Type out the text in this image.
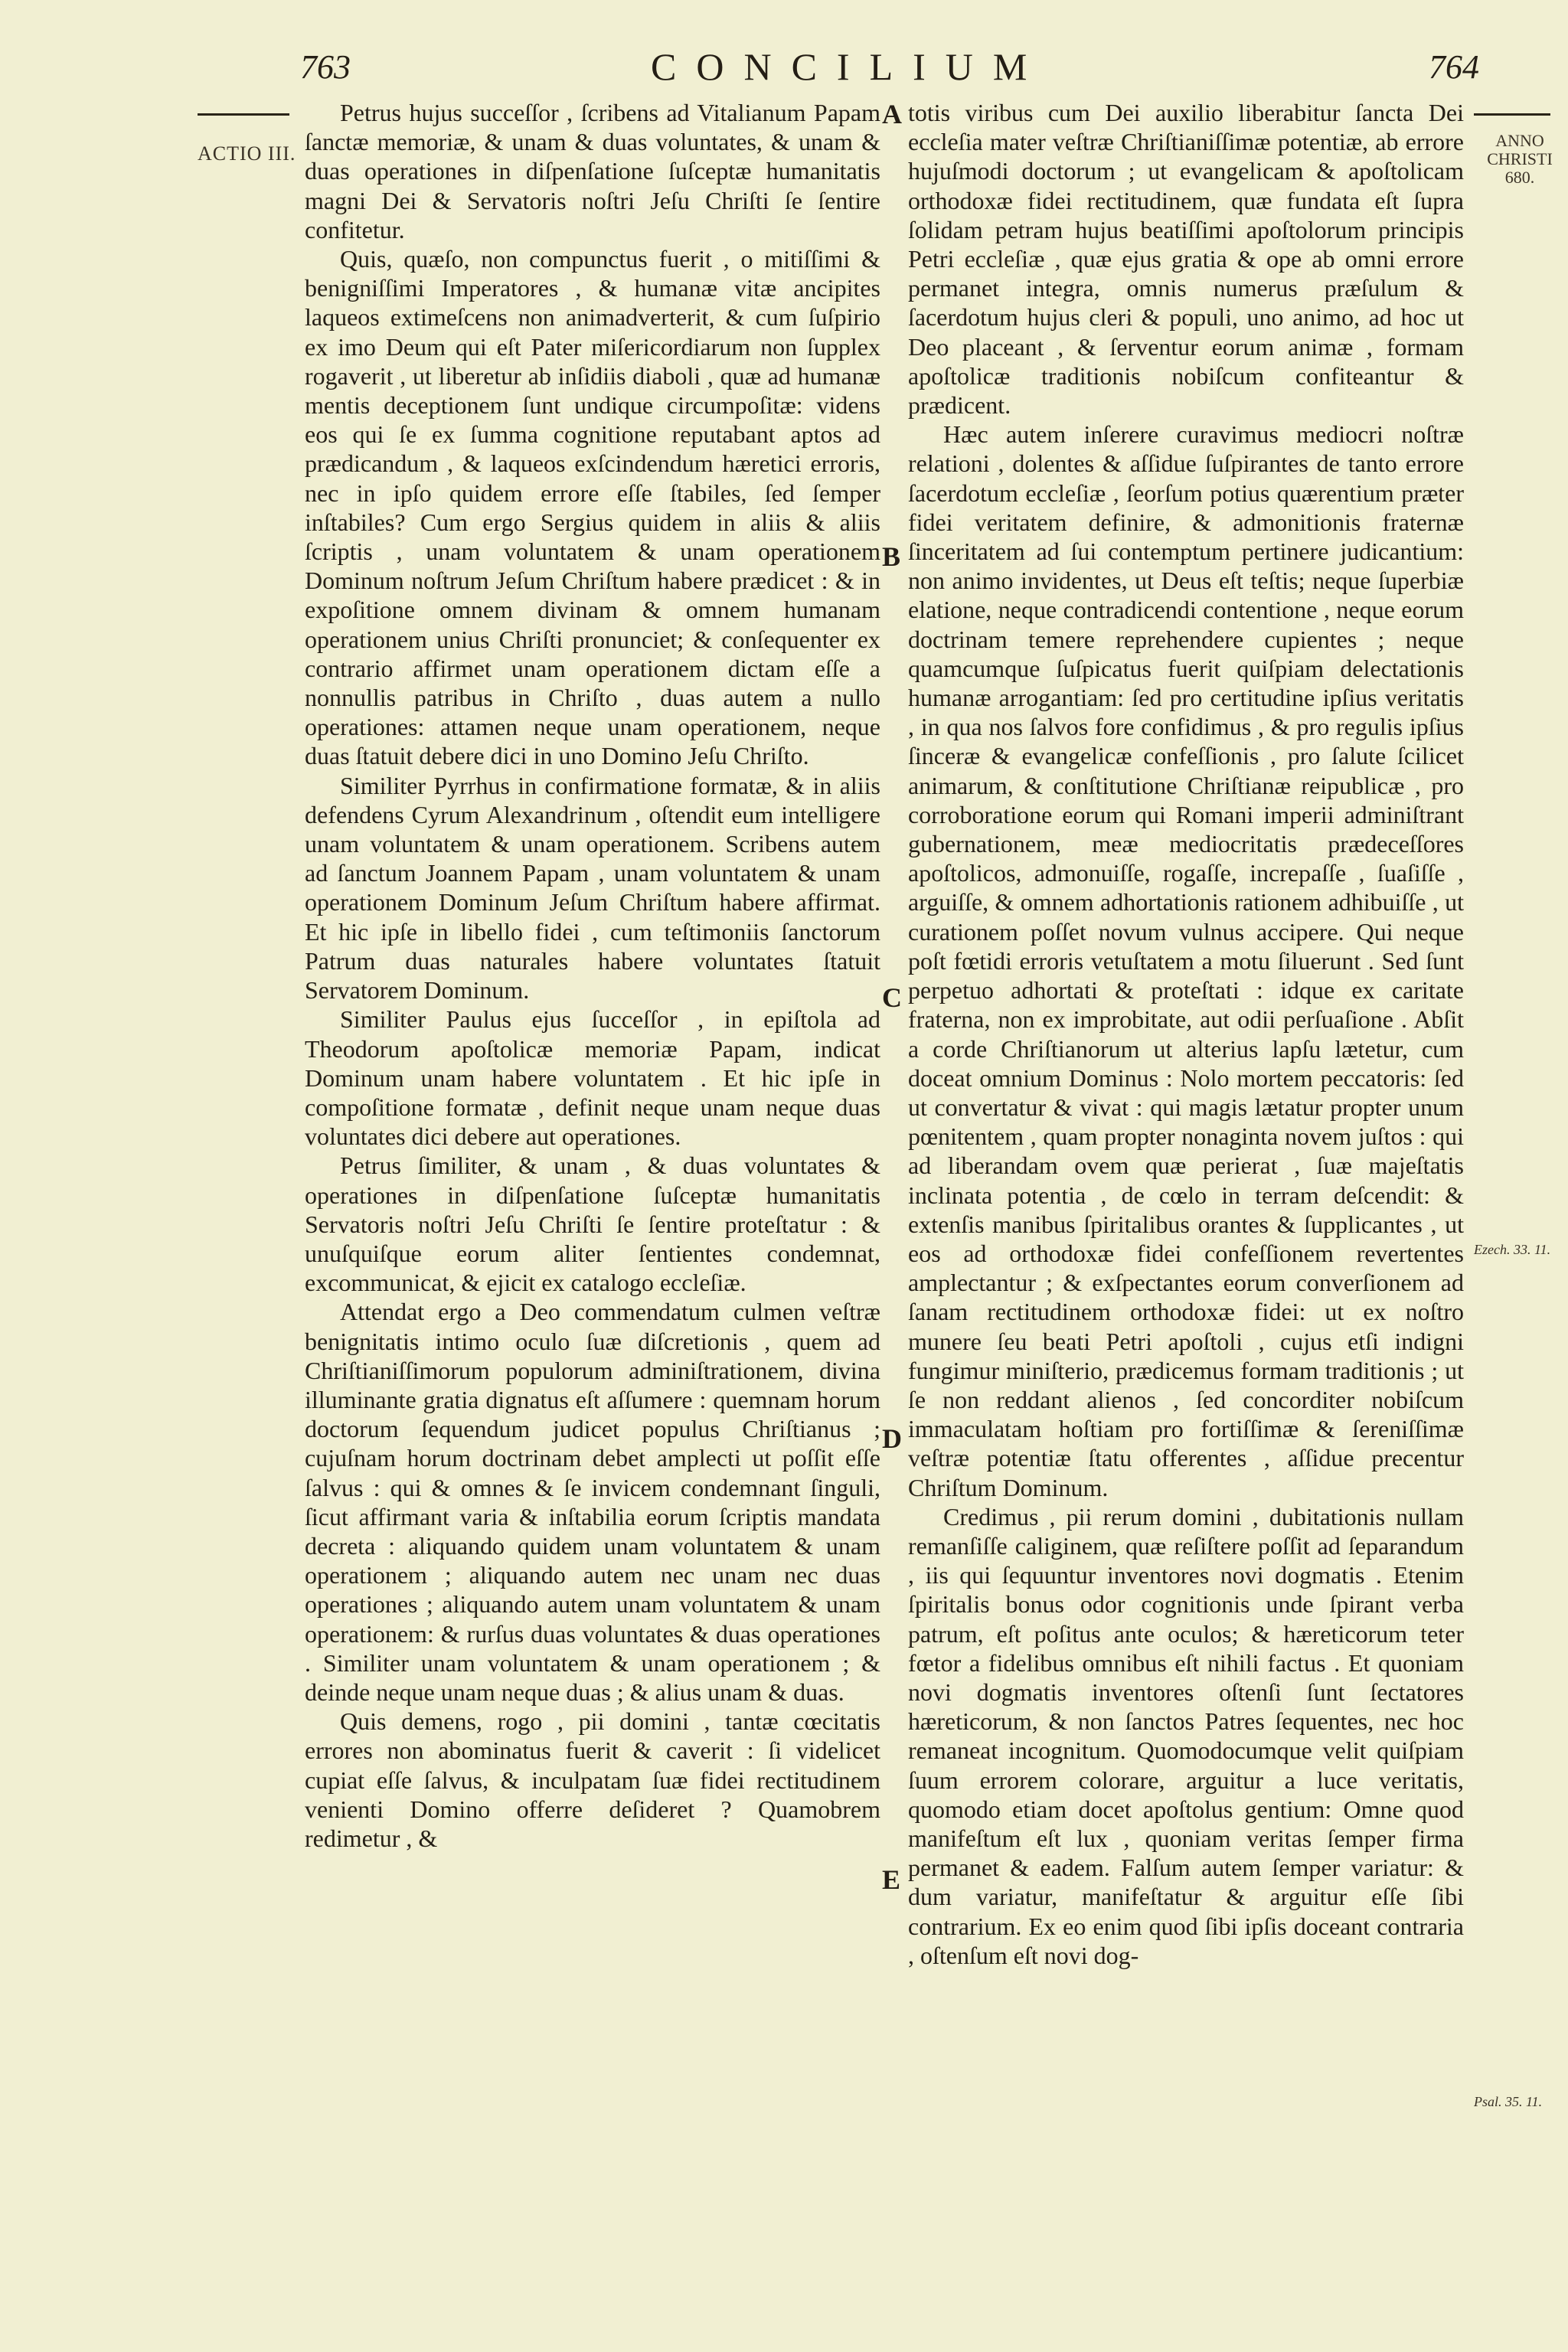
763	CONCILIUM	764
ACTIO III.
ANNO
CHRISTI
680.
Ezech. 33. 11.
Psal. 35. 11.
A
B
C
D
E

Petrus hujus succeſſor , ſcribens ad Vitalianum Papam ſanctæ memoriæ, & unam & duas voluntates, & unam & duas operationes in diſpenſatione ſuſceptæ humanitatis magni Dei & Servatoris noſtri Jeſu Chriſti ſe ſentire confitetur.

Quis, quæſo, non compunctus fuerit , o mitiſſimi & benigniſſimi Imperatores , & humanæ vitæ ancipites laqueos extimeſcens non animadverterit, & cum ſuſpirio ex imo Deum qui eſt Pater miſericordiarum non ſupplex rogaverit , ut liberetur ab inſidiis diaboli , quæ ad humanæ mentis deceptionem ſunt undique circumpoſitæ: videns eos qui ſe ex ſumma cognitione reputabant aptos ad prædicandum , & laqueos exſcindendum hæretici erroris, nec in ipſo quidem errore eſſe ſtabiles, ſed ſemper inſtabiles? Cum ergo Sergius quidem in aliis & aliis ſcriptis , unam voluntatem & unam operationem Dominum noſtrum Jeſum Chriſtum habere prædicet : & in expoſitione omnem divinam & omnem humanam operationem unius Chriſti pronunciet; & conſequenter ex contrario affirmet unam operationem dictam eſſe a nonnullis patribus in Chriſto , duas autem a nullo operationes: attamen neque unam operationem, neque duas ſtatuit debere dici in uno Domino Jeſu Chriſto.

Similiter Pyrrhus in confirmatione formatæ, & in aliis defendens Cyrum Alexandrinum , oſtendit eum intelligere unam voluntatem & unam operationem. Scribens autem ad ſanctum Joannem Papam , unam voluntatem & unam operationem Dominum Jeſum Chriſtum habere affirmat. Et hic ipſe in libello fidei , cum teſtimoniis ſanctorum Patrum duas naturales habere voluntates ſtatuit Servatorem Dominum.

Similiter Paulus ejus ſucceſſor , in epiſtola ad Theodorum apoſtolicæ memoriæ Papam, indicat Dominum unam habere voluntatem . Et hic ipſe in compoſitione formatæ , definit neque unam neque duas voluntates dici debere aut operationes.

Petrus ſimiliter, & unam , & duas voluntates & operationes in diſpenſatione ſuſceptæ humanitatis Servatoris noſtri Jeſu Chriſti ſe ſentire proteſtatur : & unuſquiſque eorum aliter ſentientes condemnat, excommunicat, & ejicit ex catalogo eccleſiæ.

Attendat ergo a Deo commendatum culmen veſtræ benignitatis intimo oculo ſuæ diſcretionis , quem ad Chriſtianiſſimorum populorum adminiſtrationem, divina illuminante gratia dignatus eſt aſſumere : quemnam horum doctorum ſequendum judicet populus Chriſtianus ; cujuſnam horum doctrinam debet amplecti ut poſſit eſſe ſalvus : qui & omnes & ſe invicem condemnant ſinguli, ſicut affirmant varia & inſtabilia eorum ſcriptis mandata decreta : aliquando quidem unam voluntatem & unam operationem ; aliquando autem nec unam nec duas operationes ; aliquando autem unam voluntatem & unam operationem: & rurſus duas voluntates & duas operationes . Similiter unam voluntatem & unam operationem ; & deinde neque unam neque duas ; & alius unam & duas.

Quis demens, rogo , pii domini , tantæ cœcitatis errores non abominatus fuerit & caverit : ſi videlicet cupiat eſſe ſalvus, & inculpatam ſuæ fidei rectitudinem venienti Domino offerre deſideret ? Quamobrem redimetur , &

totis viribus cum Dei auxilio liberabitur ſancta Dei eccleſia mater veſtræ Chriſtianiſſimæ potentiæ, ab errore hujuſmodi doctorum ; ut evangelicam & apoſtolicam orthodoxæ fidei rectitudinem, quæ fundata eſt ſupra ſolidam petram hujus beatiſſimi apoſtolorum principis Petri eccleſiæ , quæ ejus gratia & ope ab omni errore permanet integra, omnis numerus præſulum & ſacerdotum hujus cleri & populi, uno animo, ad hoc ut Deo placeant , & ſerventur eorum animæ , formam apoſtolicæ traditionis nobiſcum confiteantur & prædicent.

Hæc autem inſerere curavimus mediocri noſtræ relationi , dolentes & aſſidue ſuſpirantes de tanto errore ſacerdotum eccleſiæ , ſeorſum potius quærentium præter fidei veritatem definire, & admonitionis fraternæ ſinceritatem ad ſui contemptum pertinere judicantium: non animo invidentes, ut Deus eſt teſtis; neque ſuperbiæ elatione, neque contradicendi contentione , neque eorum doctrinam temere reprehendere cupientes ; neque quamcumque ſuſpicatus fuerit quiſpiam delectationis humanæ arrogantiam: ſed pro certitudine ipſius veritatis , in qua nos ſalvos fore confidimus , & pro regulis ipſius ſinceræ & evangelicæ confeſſionis , pro ſalute ſcilicet animarum, & conſtitutione Chriſtianæ reipublicæ , pro corroboratione eorum qui Romani imperii adminiſtrant gubernationem, meæ mediocritatis prædeceſſores apoſtolicos, admonuiſſe, rogaſſe, increpaſſe , ſuaſiſſe , arguiſſe, & omnem adhortationis rationem adhibuiſſe , ut curationem poſſet novum vulnus accipere. Qui neque poſt fœtidi erroris vetuſtatem a motu ſiluerunt . Sed ſunt perpetuo adhortati & proteſtati : idque ex caritate fraterna, non ex improbitate, aut odii perſuaſione . Abſit a corde Chriſtianorum ut alterius lapſu lætetur, cum doceat omnium Dominus : Nolo mortem peccatoris: ſed ut convertatur & vivat : qui magis lætatur propter unum pœnitentem , quam propter nonaginta novem juſtos : qui ad liberandam ovem quæ perierat , ſuæ majeſtatis inclinata potentia , de cœlo in terram deſcendit: & extenſis manibus ſpiritalibus orantes & ſupplicantes , ut eos ad orthodoxæ fidei confeſſionem revertentes amplectantur ; & exſpectantes eorum converſionem ad ſanam rectitudinem orthodoxæ fidei: ut ex noſtro munere ſeu beati Petri apoſtoli , cujus etſi indigni fungimur miniſterio, prædicemus formam traditionis ; ut ſe non reddant alienos , ſed concorditer nobiſcum immaculatam hoſtiam pro fortiſſimæ & ſereniſſimæ veſtræ potentiæ ſtatu offerentes , aſſidue precentur Chriſtum Dominum.

Credimus , pii rerum domini , dubitationis nullam remanſiſſe caliginem, quæ reſiſtere poſſit ad ſeparandum , iis qui ſequuntur inventores novi dogmatis . Etenim ſpiritalis bonus odor cognitionis unde ſpirant verba patrum, eſt poſitus ante oculos; & hæreticorum teter fœtor a fidelibus omnibus eſt nihili factus . Et quoniam novi dogmatis inventores oſtenſi ſunt ſectatores hæreticorum, & non ſanctos Patres ſequentes, nec hoc remaneat incognitum. Quomodocumque velit quiſpiam ſuum errorem colorare, arguitur a luce veritatis, quomodo etiam docet apoſtolus gentium: Omne quod manifeſtum eſt lux , quoniam veritas ſemper firma permanet & eadem. Falſum autem ſemper variatur: & dum variatur, manifeſtatur & arguitur eſſe ſibi contrarium. Ex eo enim quod ſibi ipſis doceant contraria , oſtenſum eſt novi dog-
